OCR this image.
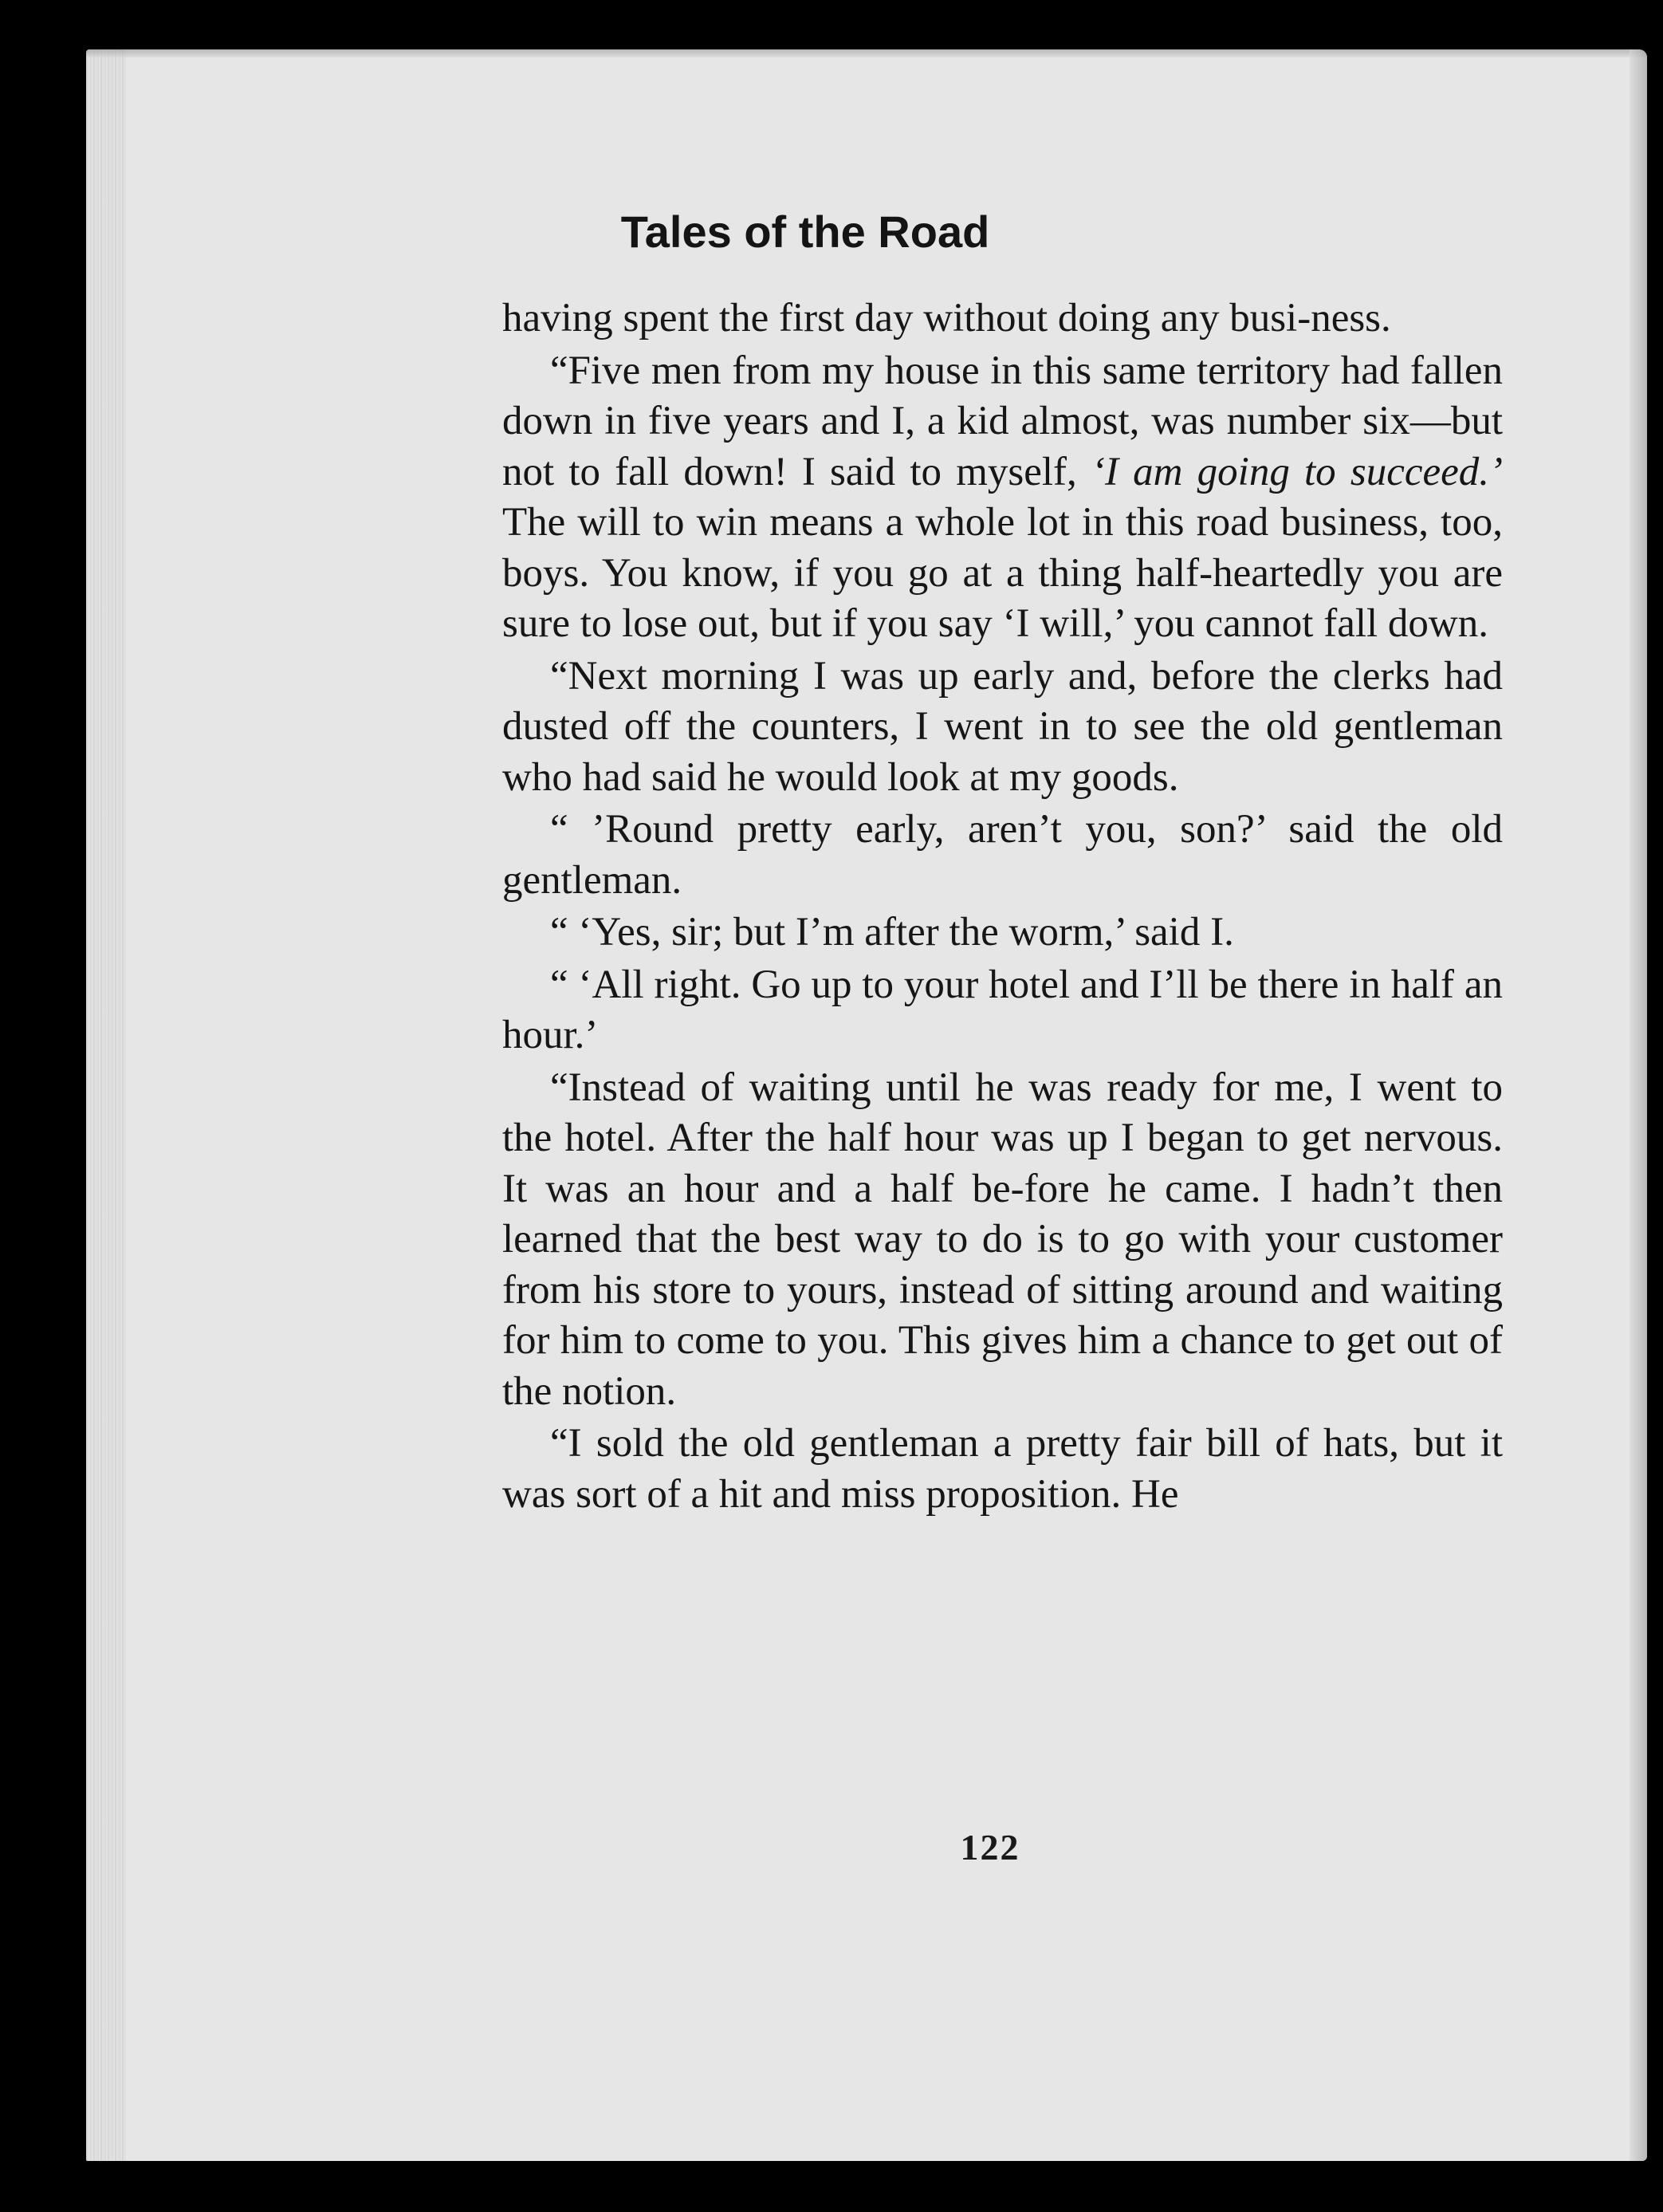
Tales of the Road

having spent the first day without doing any busi-ness.

“Five men from my house in this same territory had fallen down in five years and I, a kid almost, was number six—but not to fall down! I said to myself, ‘I am going to succeed.’ The will to win means a whole lot in this road business, too, boys. You know, if you go at a thing half-heartedly you are sure to lose out, but if you say ‘I will,’ you cannot fall down.

“Next morning I was up early and, before the clerks had dusted off the counters, I went in to see the old gentleman who had said he would look at my goods.

“ ’Round pretty early, aren’t you, son?’ said the old gentleman.

“ ‘Yes, sir; but I’m after the worm,’ said I.

“ ‘All right. Go up to your hotel and I’ll be there in half an hour.’

“Instead of waiting until he was ready for me, I went to the hotel. After the half hour was up I began to get nervous. It was an hour and a half be-fore he came. I hadn’t then learned that the best way to do is to go with your customer from his store to yours, instead of sitting around and waiting for him to come to you. This gives him a chance to get out of the notion.

“I sold the old gentleman a pretty fair bill of hats, but it was sort of a hit and miss proposition. He

122
